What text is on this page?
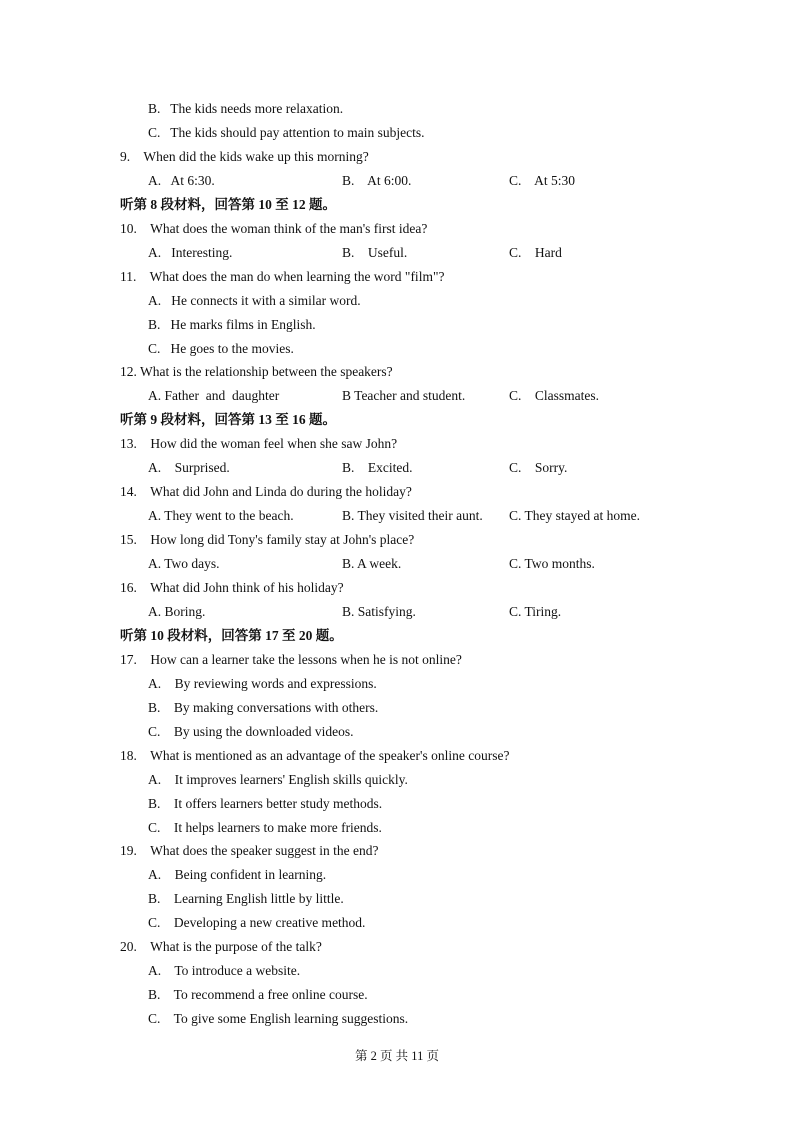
B.   The kids needs more relaxation.
C.   The kids should pay attention to main subjects.
9.    When did the kids wake up this morning?
A.   At 6:30.	B.    At 6:00.	C.    At 5:30
听第 8 段材料，回答第 10 至 12 题。
10.    What does the woman think of the man's first idea?
A.   Interesting.	B.    Useful.	C.    Hard
11.    What does the man do when learning the word "film"?
A.   He connects it with a similar word.
B.   He marks films in English.
C.   He goes to the movies.
12. What is the relationship between the speakers?
A. Father  and  daughter	B Teacher and student.	C.    Classmates.
听第 9 段材料，回答第 13 至 16 题。
13.    How did the woman feel when she saw John?
A.    Surprised.	B.    Excited.	C.    Sorry.
14.    What did John and Linda do during the holiday?
A. They went to the beach.	B. They visited their aunt. C. They stayed at home.
15.    How long did Tony's family stay at John's place?
A. Two days.	B. A week.	C. Two months.
16.    What did John think of his holiday?
A. Boring.	B. Satisfying.	C. Tiring.
听第 10 段材料，回答第 17 至 20 题。
17.    How can a learner take the lessons when he is not online?
A.    By reviewing words and expressions.
B.    By making conversations with others.
C.    By using the downloaded videos.
18.    What is mentioned as an advantage of the speaker's online course?
A.    It improves learners' English skills quickly.
B.    It offers learners better study methods.
C.    It helps learners to make more friends.
19.    What does the speaker suggest in the end?
A.    Being confident in learning.
B.    Learning English little by little.
C.    Developing a new creative method.
20.    What is the purpose of the talk?
A.    To introduce a website.
B.    To recommend a free online course.
C.    To give some English learning suggestions.
第 2 页 共 11 页
